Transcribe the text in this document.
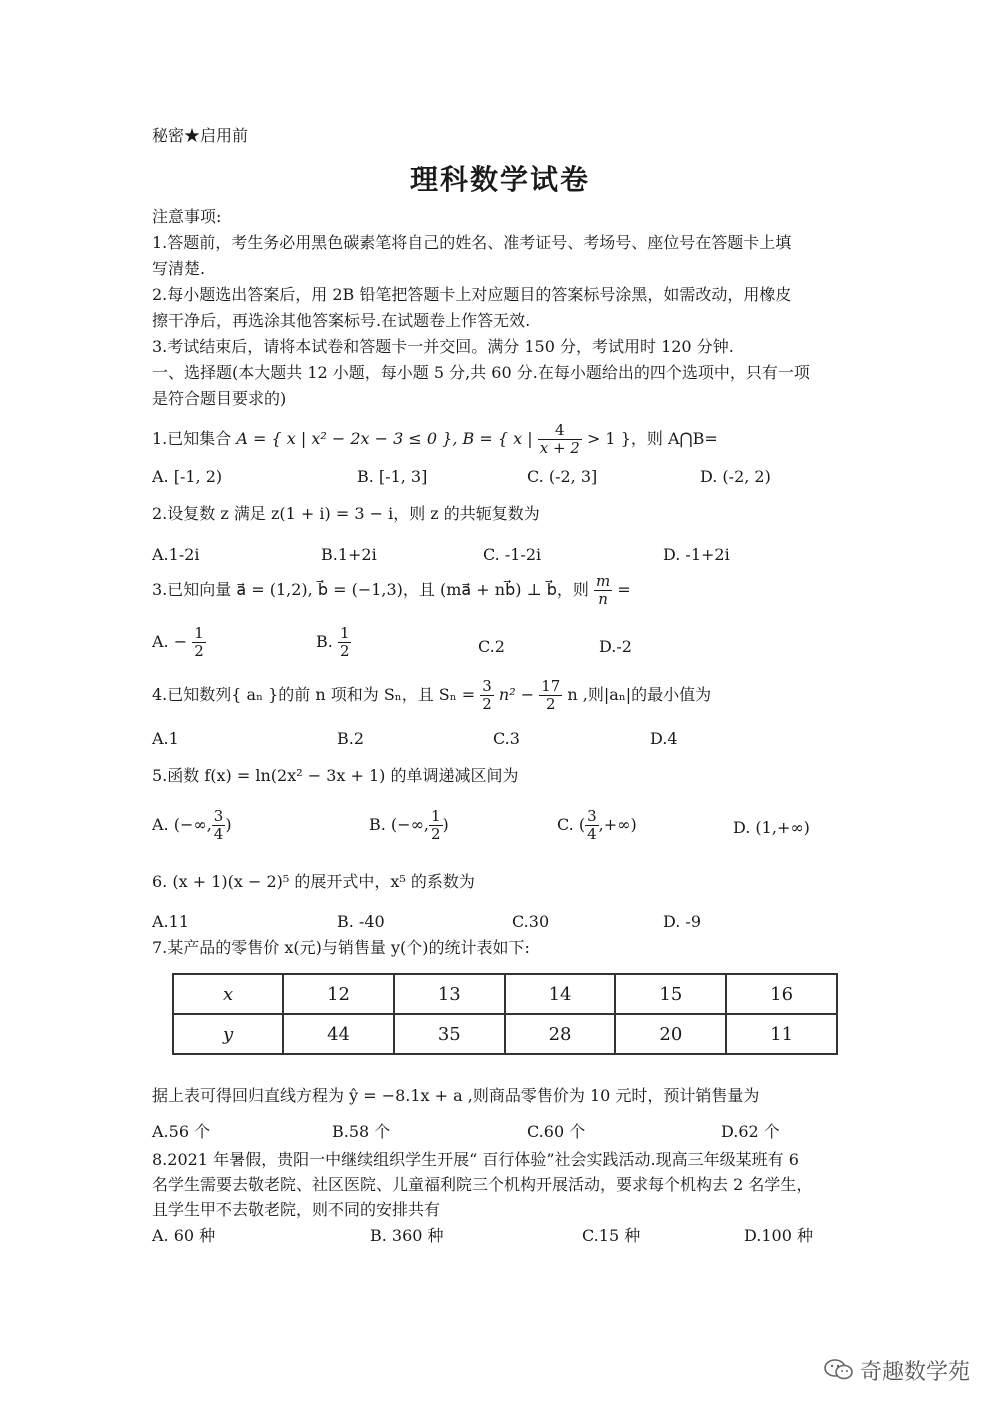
秘密★启用前
理科数学试卷
注意事项:
1.答题前，考生务必用黑色碳素笔将自己的姓名、准考证号、考场号、座位号在答题卡上填
写清楚.
2.每小题选出答案后，用 2B 铅笔把答题卡上对应题目的答案标号涂黑，如需改动，用橡皮
擦干净后，再选涂其他答案标号.在试题卷上作答无效.
3.考试结束后，请将本试卷和答题卡一并交回。满分 150 分，考试用时 120 分钟.
一、选择题(本大题共 12 小题，每小题 5 分,共 60 分.在每小题给出的四个选项中，只有一项
是符合题目要求的)
1.已知集合 A = { x | x² − 2x − 3 ≤ 0 }, B = { x | $\frac{4}{x + 2} > 1$ }，则 A⋂B=
A. [-1, 2)	B. [-1, 3]	C. (-2, 3]	D. (-2, 2)
2.设复数 z 满足 z(1 + i) = 3 − i，则 z 的共轭复数为
A.1-2i	B.1+2i	C. -1-2i	D. -1+2i
3.已知向量 a⃗ = (1,2), b⃗ = (−1,3)，且 (ma⃗ + nb⃗) ⊥ b⃗，则 $\frac{m}{n}$ =
A. − $\frac{1}{2}$	B. $\frac{1}{2}$	C.2	D.-2
4.已知数列{ aₙ }的前 n 项和为 Sₙ，且 $S_n = \frac{3}{2} n^2 - \frac{17}{2}$ n ,则|aₙ|的最小值为
A.1	B.2	C.3	D.4
5.函数 f(x) = ln(2x² − 3x + 1) 的单调递减区间为
A. (−∞, $\frac{3}{4}$ )	B. (−∞, $\frac{1}{2}$ )	C. ( $\frac{3}{4}$ ,+∞)	D. (1,+∞)
6. (x + 1)(x − 2)⁵ 的展开式中，x⁵ 的系数为
A.11	B. -40	C.30	D. -9
7.某产品的零售价 x(元)与销售量 y(个)的统计表如下:
x	12	13	14	15	16
y	44	35	28	20	11
据上表可得回归直线方程为 ŷ = −8.1x + a ,则商品零售价为 10 元时，预计销售量为
A.56 个	B.58 个	C.60 个	D.62 个
8.2021 年暑假，贵阳一中继续组织学生开展“ 百行体验”社会实践活动.现高三年级某班有 6
名学生需要去敬老院、社区医院、儿童福利院三个机构开展活动，要求每个机构去 2 名学生，
且学生甲不去敬老院，则不同的安排共有
A. 60 种	B. 360 种	C.15 种	D.100 种
奇趣数学苑
